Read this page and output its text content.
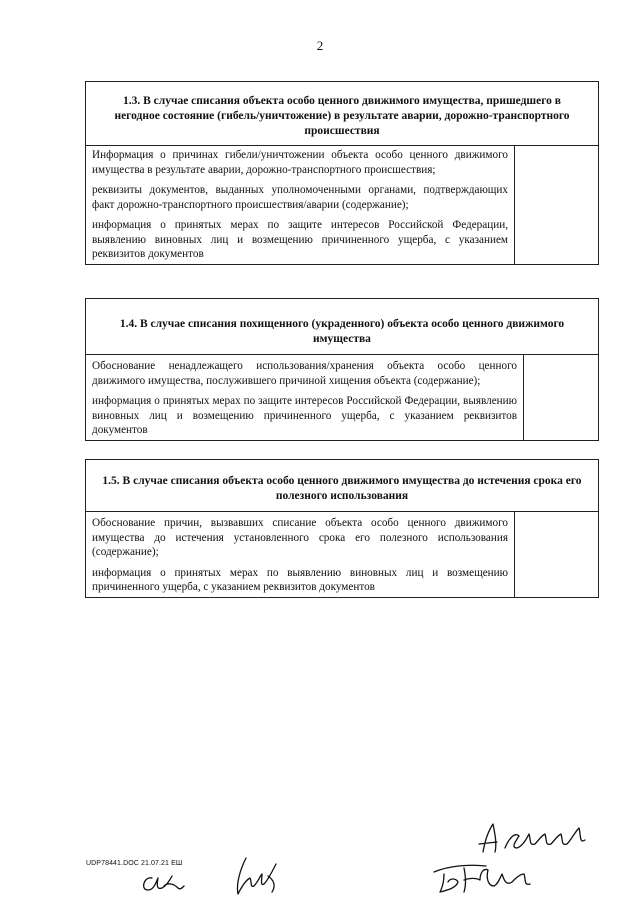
2
1.3. В случае списания объекта особо ценного движимого имущества, пришедшего в негодное состояние (гибель/уничтожение) в результате аварии, дорожно-транспортного происшествия

Информация о причинах гибели/уничтожении объекта особо ценного движимого имущества в результате аварии, дорожно-транспортного происшествия;

реквизиты документов, выданных уполномоченными органами, подтверждающих факт дорожно-транспортного происшествия/аварии (содержание);

информация о принятых мерах по защите интересов Российской Федерации, выявлению виновных лиц и возмещению причиненного ущерба, с указанием реквизитов документов

1.4. В случае списания похищенного (украденного) объекта особо ценного движимого имущества

Обоснование ненадлежащего использования/хранения объекта особо ценного движимого имущества, послужившего причиной хищения объекта (содержание);

информация о принятых мерах по защите интересов Российской Федерации, выявлению виновных лиц и возмещению причиненного ущерба, с указанием реквизитов документов

1.5. В случае списания объекта особо ценного движимого имущества до истечения срока его полезного использования

Обоснование причин, вызвавших списание объекта особо ценного движимого имущества до истечения установленного срока его полезного использования (содержание);

информация о принятых мерах по выявлению виновных лиц и возмещению причиненного ущерба, с указанием реквизитов документов

UDP78441.DOC 21.07.21 ЕШ
